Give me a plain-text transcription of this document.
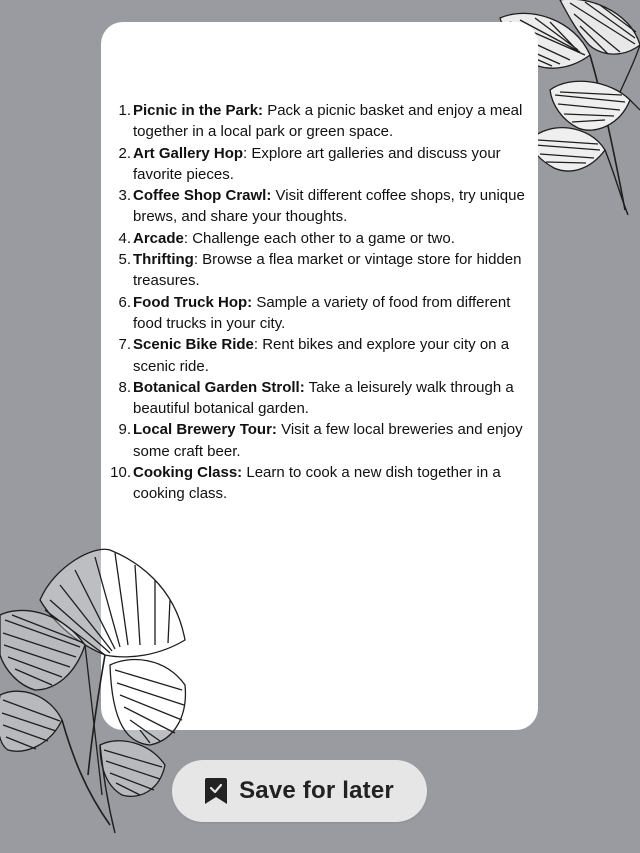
1. Picnic in the Park: Pack a picnic basket and enjoy a meal together in a local park or green space.
2. Art Gallery Hop: Explore art galleries and discuss your favorite pieces.
3. Coffee Shop Crawl: Visit different coffee shops, try unique brews, and share your thoughts.
4. Arcade: Challenge each other to a game or two.
5. Thrifting: Browse a flea market or vintage store for hidden treasures.
6. Food Truck Hop: Sample a variety of food from different food trucks in your city.
7. Scenic Bike Ride: Rent bikes and explore your city on a scenic ride.
8. Botanical Garden Stroll: Take a leisurely walk through a beautiful botanical garden.
9. Local Brewery Tour: Visit a few local breweries and enjoy some craft beer.
10. Cooking Class: Learn to cook a new dish together in a cooking class.
Save for later
